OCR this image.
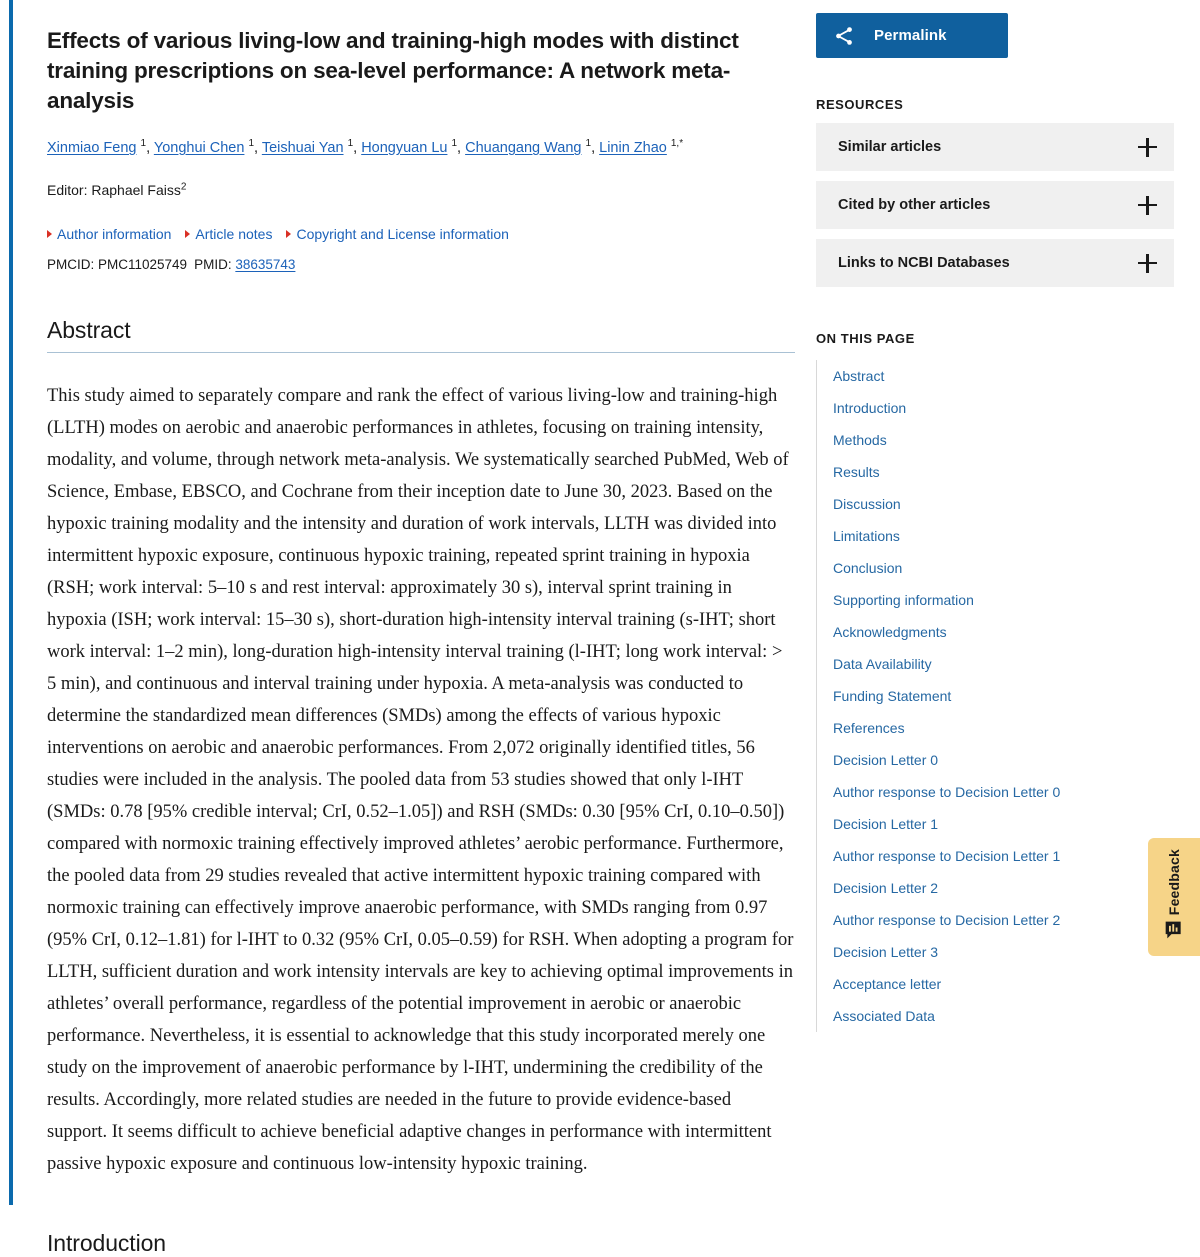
Effects of various living-low and training-high modes with distinct training prescriptions on sea-level performance: A network meta-analysis
Xinmiao Feng $^1$, Yonghui Chen $^1$, Teishuai Yan $^1$, Hongyuan Lu $^1$, Chuangang Wang $^1$, Linin Zhao $^{1,*}$
Editor: Raphael Faiss$^2$
Author information Article notes Copyright and License information
PMCID: PMC11025749 PMID: 38635743
Abstract
This study aimed to separately compare and rank the effect of various living-low and training-high (LLTH) modes on aerobic and anaerobic performances in athletes, focusing on training intensity, modality, and volume, through network meta-analysis. We systematically searched PubMed, Web of Science, Embase, EBSCO, and Cochrane from their inception date to June 30, 2023. Based on the hypoxic training modality and the intensity and duration of work intervals, LLTH was divided into intermittent hypoxic exposure, continuous hypoxic training, repeated sprint training in hypoxia (RSH; work interval: 5–10 s and rest interval: approximately 30 s), interval sprint training in hypoxia (ISH; work interval: 15–30 s), short-duration high-intensity interval training (s-IHT; short work interval: 1–2 min), long-duration high-intensity interval training (l-IHT; long work interval: > 5 min), and continuous and interval training under hypoxia. A meta-analysis was conducted to determine the standardized mean differences (SMDs) among the effects of various hypoxic interventions on aerobic and anaerobic performances. From 2,072 originally identified titles, 56 studies were included in the analysis. The pooled data from 53 studies showed that only l-IHT (SMDs: 0.78 [95% credible interval; CrI, 0.52–1.05]) and RSH (SMDs: 0.30 [95% CrI, 0.10–0.50]) compared with normoxic training effectively improved athletes’ aerobic performance. Furthermore, the pooled data from 29 studies revealed that active intermittent hypoxic training compared with normoxic training can effectively improve anaerobic performance, with SMDs ranging from 0.97 (95% CrI, 0.12–1.81) for l-IHT to 0.32 (95% CrI, 0.05–0.59) for RSH. When adopting a program for LLTH, sufficient duration and work intensity intervals are key to achieving optimal improvements in athletes’ overall performance, regardless of the potential improvement in aerobic or anaerobic performance. Nevertheless, it is essential to acknowledge that this study incorporated merely one study on the improvement of anaerobic performance by l-IHT, undermining the credibility of the results. Accordingly, more related studies are needed in the future to provide evidence-based support. It seems difficult to achieve beneficial adaptive changes in performance with intermittent passive hypoxic exposure and continuous low-intensity hypoxic training.
Introduction
Permalink
RESOURCES
Similar articles
Cited by other articles
Links to NCBI Databases
ON THIS PAGE
Abstract
Introduction
Methods
Results
Discussion
Limitations
Conclusion
Supporting information
Acknowledgments
Data Availability
Funding Statement
References
Decision Letter 0
Author response to Decision Letter 0
Decision Letter 1
Author response to Decision Letter 1
Decision Letter 2
Author response to Decision Letter 2
Decision Letter 3
Acceptance letter
Associated Data
Feedback
